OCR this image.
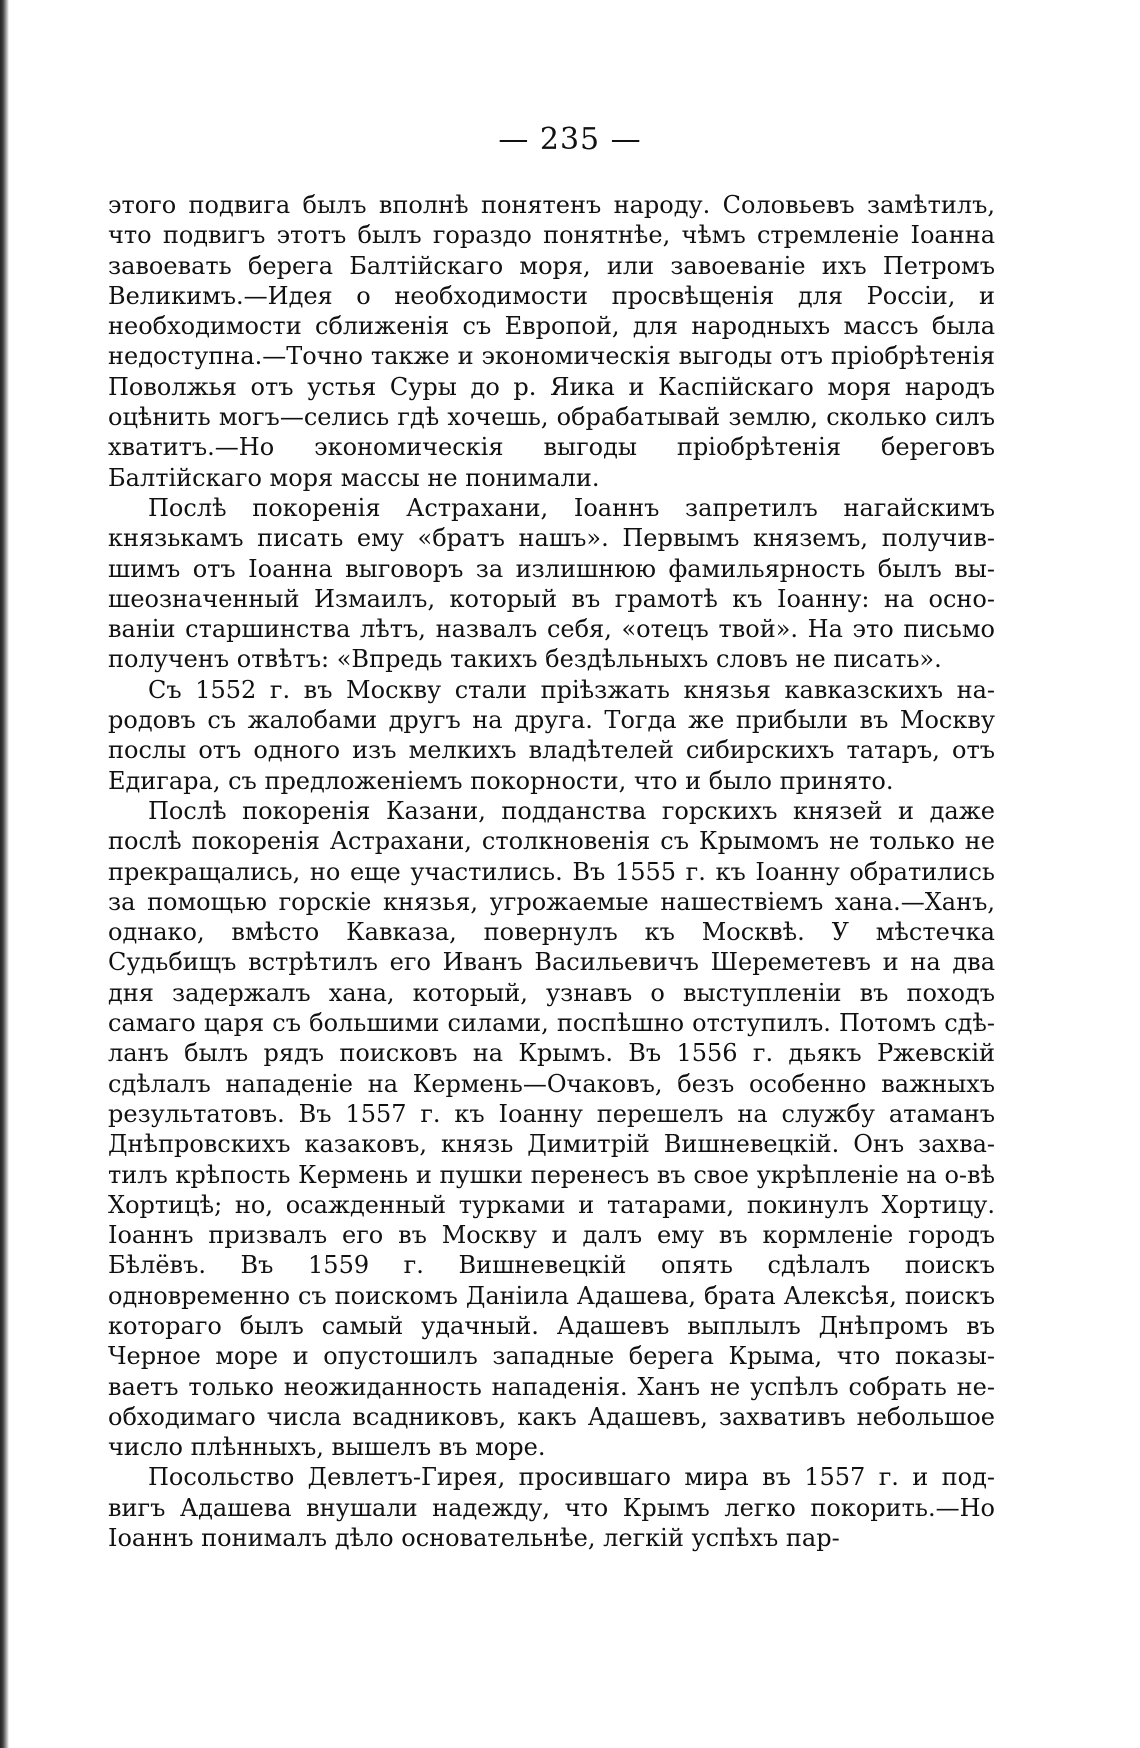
— 235 —

этого подвига былъ вполнѣ понятенъ народу. Соловьевъ замѣтилъ, что подвигъ этотъ былъ гораздо понятнѣе, чѣмъ стремленiе Iоанна завоевать берега Балтiйскаго моря, или завоеванiе ихъ Петромъ Великимъ.—Идея о необходимости просвѣщенiя для Россiи, и необходимости сближенiя съ Европой, для народныхъ массъ была недоступна.—Точно также и экономическiя выгоды отъ прiобрѣтенiя Поволжья отъ устья Суры до р. Яика и Каспiйскаго моря народъ оцѣнить могъ—селись гдѣ хочешь, обрабатывай землю, сколько силъ хватитъ.—Но экономическiя выгоды прiобрѣтенiя береговъ Балтiйскаго моря массы не понимали.

Послѣ покоренiя Астрахани, Iоаннъ запретилъ нагайскимъ князькамъ писать ему «братъ нашъ». Первымъ княземъ, получившимъ отъ Iоанна выговоръ за излишнюю фамильярность былъ вышеозначенный Измаилъ, который въ грамотѣ къ Iоанну: на основанiи старшинства лѣтъ, назвалъ себя, «отецъ твой». На это письмо полученъ отвѣтъ: «Впредь такихъ бездѣльныхъ словъ не писать».

Съ 1552 г. въ Москву стали прiѣзжать князья кавказскихъ народовъ съ жалобами другъ на друга. Тогда же прибыли въ Москву послы отъ одного изъ мелкихъ владѣтелей сибирскихъ татаръ, отъ Едигара, съ предложенiемъ покорности, что и было принято.

Послѣ покоренiя Казани, подданства горскихъ князей и даже послѣ покоренiя Астрахани, столкновенiя съ Крымомъ не только не прекращались, но еще участились. Въ 1555 г. къ Iоанну обратились за помощью горскiе князья, угрожаемые нашествiемъ хана.—Ханъ, однако, вмѣсто Кавказа, повернулъ къ Москвѣ. У мѣстечка Судьбищъ встрѣтилъ его Иванъ Васильевичъ Шереметевъ и на два дня задержалъ хана, который, узнавъ о выступленiи въ походъ самаго царя съ большими силами, поспѣшно отступилъ. Потомъ сдѣланъ былъ рядъ поисковъ на Крымъ. Въ 1556 г. дьякъ Ржевскiй сдѣлалъ нападенiе на Кермень—Очаковъ, безъ особенно важныхъ результатовъ. Въ 1557 г. къ Iоанну перешелъ на службу атаманъ Днѣпровскихъ казаковъ, князь Димитрiй Вишневецкiй. Онъ захватилъ крѣпость Кермень и пушки перенесъ въ свое укрѣпленiе на о-вѣ Хортицѣ; но, осажденный турками и татарами, покинулъ Хортицу. Iоаннъ призвалъ его въ Москву и далъ ему въ кормленiе городъ Бѣлёвъ. Въ 1559 г. Вишневецкiй опять сдѣлалъ поискъ одновременно съ поискомъ Данiила Адашева, брата Алексѣя, поискъ котораго былъ самый удачный. Адашевъ выплылъ Днѣпромъ въ Черное море и опустошилъ западные берега Крыма, что показываетъ только неожиданность нападенiя. Ханъ не успѣлъ собрать необходимаго числа всадниковъ, какъ Адашевъ, захвативъ небольшое число плѣнныхъ, вышелъ въ море.

Посольство Девлетъ-Гирея, просившаго мира въ 1557 г. и подвигъ Адашева внушали надежду, что Крымъ легко покорить.—Но Iоаннъ понималъ дѣло основательнѣе, легкiй успѣхъ пар-
